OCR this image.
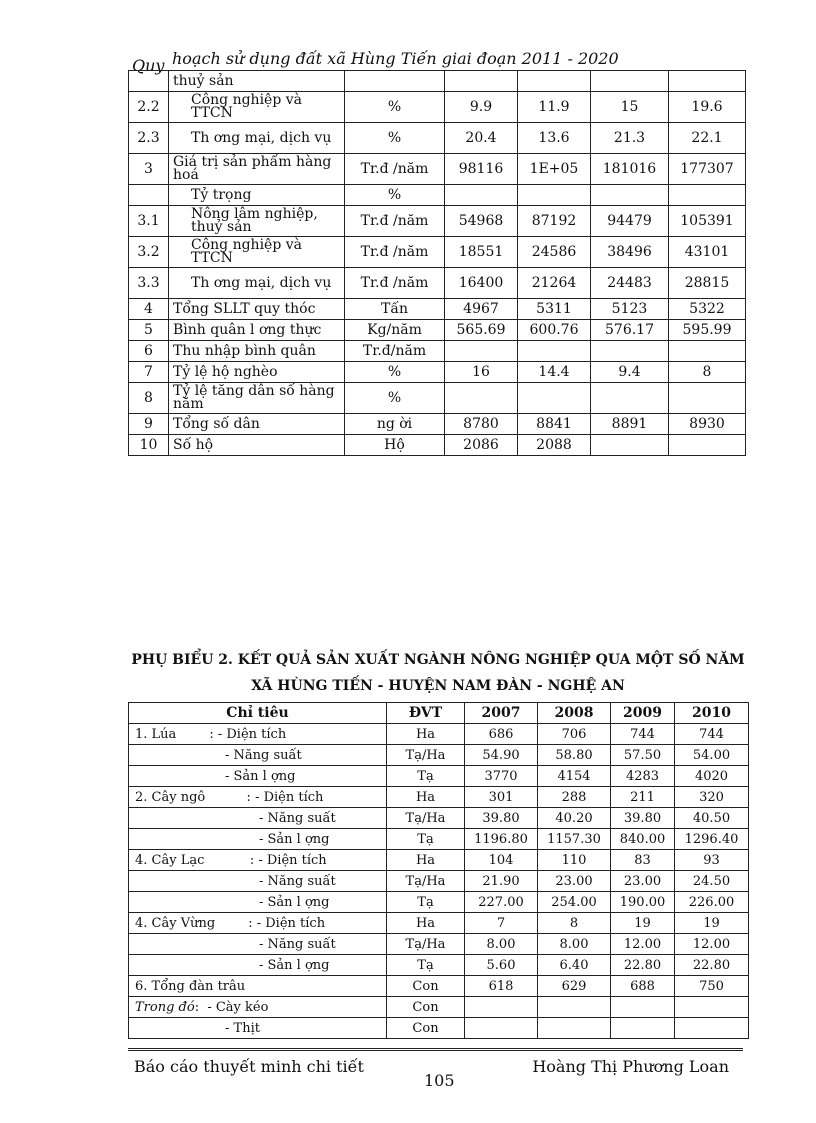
Quy hoạch sử dụng đất xã Hùng Tiến giai đoạn 2011 - 2020
	thuỷ sản					
2.2	Công nghiệp và TTCN	%	9.9	11.9	15	19.6
2.3	Th ơng mại, dịch vụ	%	20.4	13.6	21.3	22.1
3	Giá trị sản phẩm hàng hoá	Tr.đ /năm	98116	1E+05	181016	177307
	Tỷ trọng	%				
3.1	Nông lâm nghiệp, thuỷ sản	Tr.đ /năm	54968	87192	94479	105391
3.2	Công nghiệp và TTCN	Tr.đ /năm	18551	24586	38496	43101
3.3	Th ơng mại, dịch vụ	Tr.đ /năm	16400	21264	24483	28815
4	Tổng SLLT quy thóc	Tấn	4967	5311	5123	5322
5	Bình quân l ơng thực	Kg/năm	565.69	600.76	576.17	595.99
6	Thu nhập bình quân	Tr.đ/năm				
7	Tỷ lệ hộ nghèo	%	16	14.4	9.4	8
8	Tỷ lệ tăng dân số hàng năm	%				
9	Tổng số dân	ng ời	8780	8841	8891	8930
10	Số hộ	Hộ	2086	2088		
PHỤ BIỂU 2. KẾT QUẢ SẢN XUẤT NGÀNH NÔNG NGHIỆP QUA MỘT SỐ NĂM
XÃ HÙNG TIẾN - HUYỆN NAM ĐÀN - NGHỆ AN
Chỉ tiêu	ĐVT	2007	2008	2009	2010
1. Lúa        : - Diện tích	Ha	686	706	744	744
- Năng suất	Tạ/Ha	54.90	58.80	57.50	54.00
- Sản l ợng	Tạ	3770	4154	4283	4020
2. Cây ngô          : - Diện tích	Ha	301	288	211	320
- Năng suất	Tạ/Ha	39.80	40.20	39.80	40.50
- Sản l ợng	Tạ	1196.80	1157.30	840.00	1296.40
4. Cây Lạc           : - Diện tích	Ha	104	110	83	93
- Năng suất	Tạ/Ha	21.90	23.00	23.00	24.50
- Sản l ợng	Tạ	227.00	254.00	190.00	226.00
4. Cây Vừng        : - Diện tích	Ha	7	8	19	19
- Năng suất	Tạ/Ha	8.00	8.00	12.00	12.00
- Sản l ợng	Tạ	5.60	6.40	22.80	22.80
6. Tổng đàn trâu	Con	618	629	688	750
Trong đó:  - Cày kéo	Con				
- Thịt	Con				
Báo cáo thuyết minh chi tiết
105
Hoàng Thị Phương Loan
